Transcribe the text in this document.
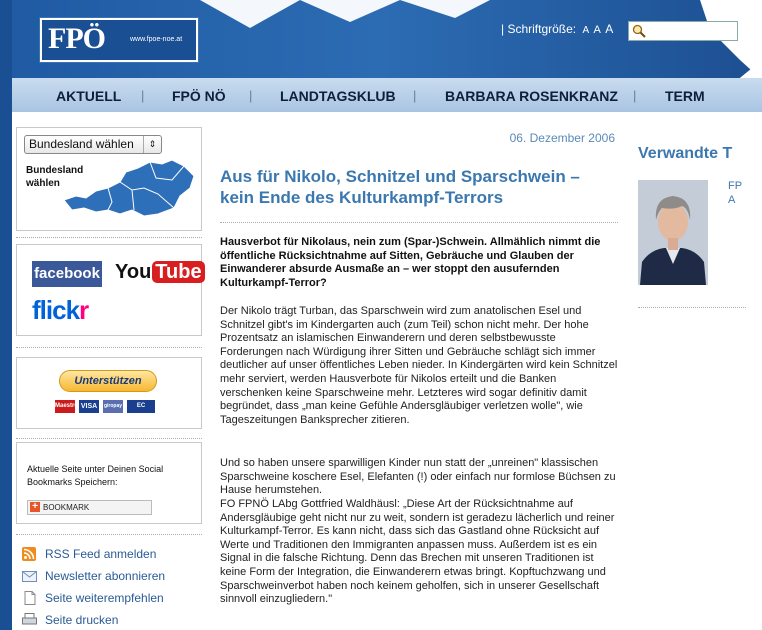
FPÖ	www.fpoe-noe.at
| Schriftgröße: A A A
AKTUELL | FPÖ NÖ | LANDTAGSKLUB | BARBARA ROSENKRANZ | TERM
Bundesland wählen	⇕
Bundesland wählen
facebook You Tube
flickr
Unterstützen
Maestro VISA	giropay	EC
Aktuelle Seite unter Deinen Social Bookmarks Speichern:
+ BOOKMARK
RSS Feed anmelden
Newsletter abonnieren
Seite weiterempfehlen
Seite drucken
06. Dezember 2006
Aus für Nikolo, Schnitzel und Sparschwein – kein Ende des Kulturkampf-Terrors
Hausverbot für Nikolaus, nein zum (Spar-)Schwein. Allmählich nimmt die öffentliche Rücksichtnahme auf Sitten, Gebräuche und Glauben der Einwanderer absurde Ausmaße an – wer stoppt den ausufernden Kulturkampf-Terror?
Der Nikolo trägt Turban, das Sparschwein wird zum anatolischen Esel und Schnitzel gibt's im Kindergarten auch (zum Teil) schon nicht mehr. Der hohe Prozentsatz an islamischen Einwanderern und deren selbstbewusste Forderungen nach Würdigung ihrer Sitten und Gebräuche schlägt sich immer deutlicher auf unser öffentliches Leben nieder. In Kindergärten wird kein Schnitzel mehr serviert, werden Hausverbote für Nikolos erteilt und die Banken verschenken keine Sparschweine mehr. Letzteres wird sogar definitiv damit begründet, dass „man keine Gefühle Andersgläubiger verletzen wolle", wie Tageszeitungen Banksprecher zitieren.
Und so haben unsere sparwilligen Kinder nun statt der „unreinen" klassischen Sparschweine koschere Esel, Elefanten (!) oder einfach nur formlose Büchsen zu Hause herumstehen.
FO FPNÖ LAbg Gottfried Waldhäusl: „Diese Art der Rücksichtnahme auf Andersgläubige geht nicht nur zu weit, sondern ist geradezu lächerlich und reiner Kulturkampf-Terror. Es kann nicht, dass sich das Gastland ohne Rücksicht auf Werte und Traditionen den Immigranten anpassen muss. Außerdem ist es ein Signal in die falsche Richtung. Denn das Brechen mit unseren Traditionen ist keine Form der Integration, die Einwanderern etwas bringt. Kopftuchzwang und Sparschweinverbot haben noch keinem geholfen, sich in unserer Gesellschaft sinnvoll einzugliedern."
Verwandte T
FP
A
